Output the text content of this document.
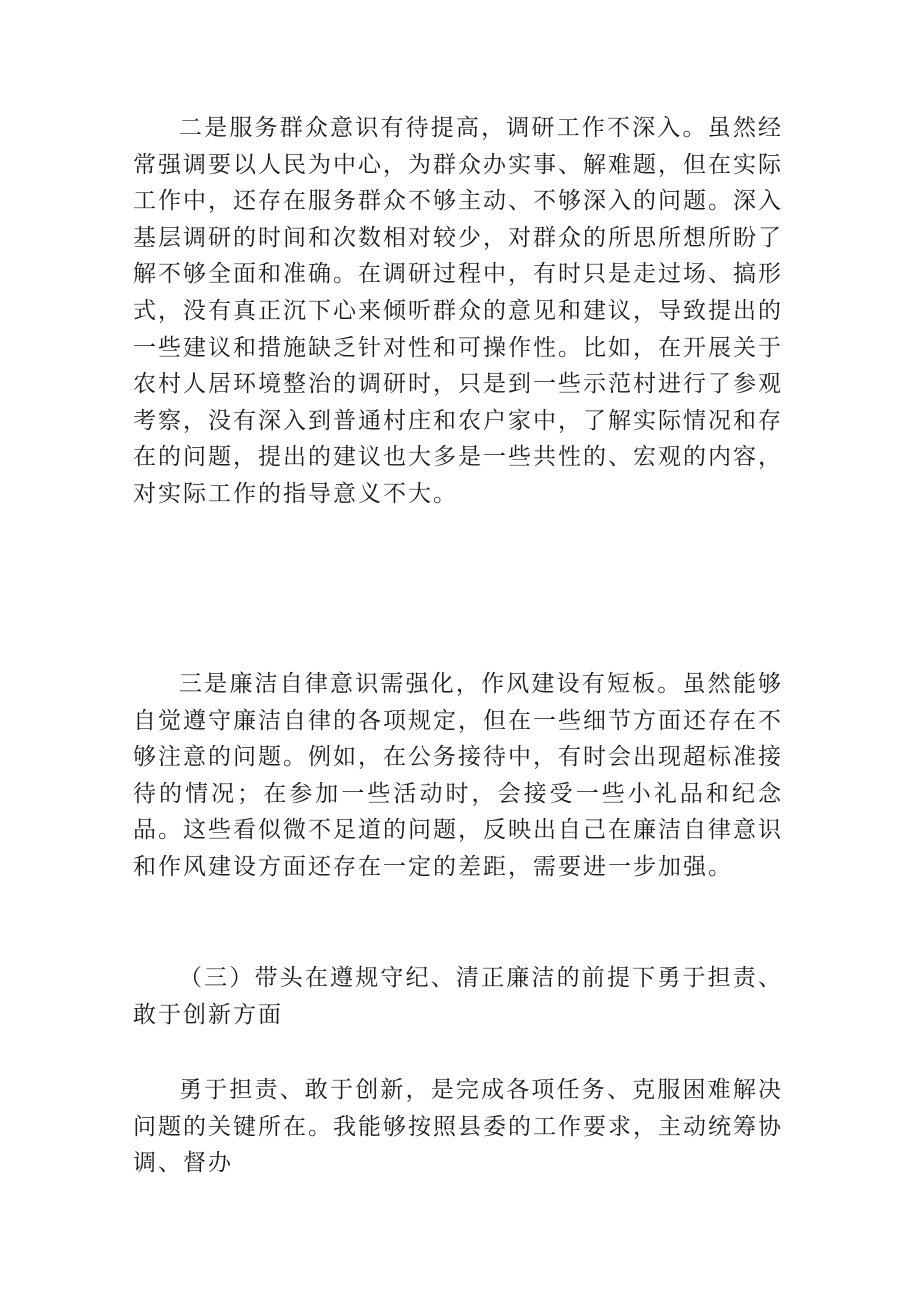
二是服务群众意识有待提高，调研工作不深入。虽然经常强调要以人民为中心，为群众办实事、解难题，但在实际工作中，还存在服务群众不够主动、不够深入的问题。深入基层调研的时间和次数相对较少，对群众的所思所想所盼了解不够全面和准确。在调研过程中，有时只是走过场、搞形式，没有真正沉下心来倾听群众的意见和建议，导致提出的一些建议和措施缺乏针对性和可操作性。比如，在开展关于农村人居环境整治的调研时，只是到一些示范村进行了参观考察，没有深入到普通村庄和农户家中，了解实际情况和存在的问题，提出的建议也大多是一些共性的、宏观的内容，对实际工作的指导意义不大。

三是廉洁自律意识需强化，作风建设有短板。虽然能够自觉遵守廉洁自律的各项规定，但在一些细节方面还存在不够注意的问题。例如，在公务接待中，有时会出现超标准接待的情况；在参加一些活动时，会接受一些小礼品和纪念品。这些看似微不足道的问题，反映出自己在廉洁自律意识和作风建设方面还存在一定的差距，需要进一步加强。

（三）带头在遵规守纪、清正廉洁的前提下勇于担责、敢于创新方面

勇于担责、敢于创新，是完成各项任务、克服困难解决问题的关键所在。我能够按照县委的工作要求，主动统筹协调、督办
